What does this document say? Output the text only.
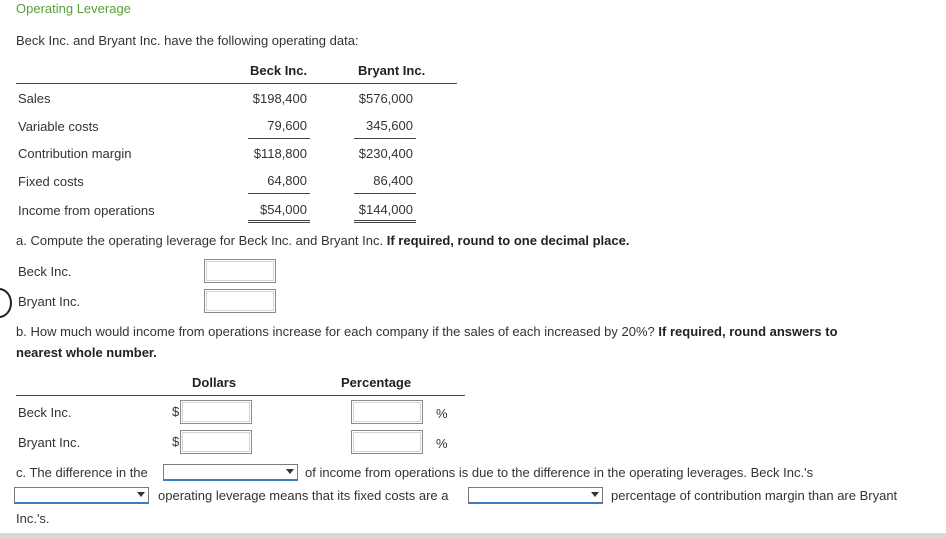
Operating Leverage
Beck Inc. and Bryant Inc. have the following operating data:
Beck Inc.	Bryant Inc.
Sales	$198,400	$576,000
Variable costs	79,600	345,600
Contribution margin	$118,800	$230,400
Fixed costs	64,800	86,400
Income from operations	$54,000	$144,000
a. Compute the operating leverage for Beck Inc. and Bryant Inc. If required, round to one decimal place.
Beck Inc.
Bryant Inc.
b. How much would income from operations increase for each company if the sales of each increased by 20%? If required, round answers to
nearest whole number.
Dollars	Percentage
Beck Inc.	$	%
Bryant Inc.	$	%
c. The difference in the	of income from operations is due to the difference in the operating leverages. Beck Inc.'s
operating leverage means that its fixed costs are a	percentage of contribution margin than are Bryant
Inc.'s.
